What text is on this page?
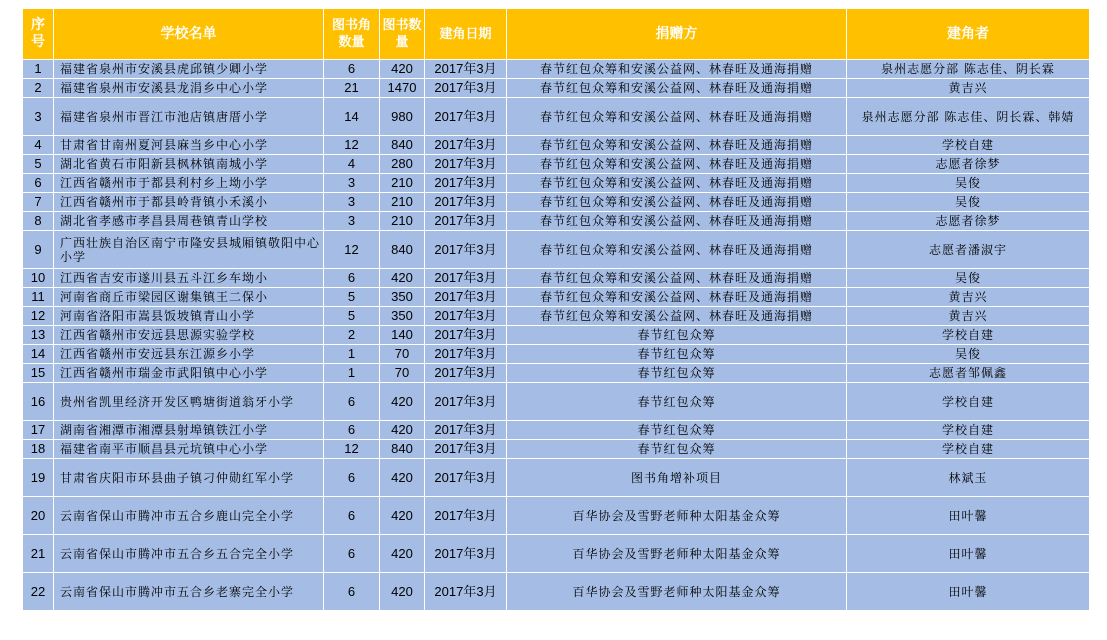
序号	学校名单	图书角数量	图书数量	建角日期	捐赠方	建角者
1	福建省泉州市安溪县虎邱镇少卿小学	6	420	2017年3月	春节红包众筹和安溪公益网、林春旺及通海捐赠	泉州志愿分部 陈志佳、阴长霖
2	福建省泉州市安溪县龙涓乡中心小学	21	1470	2017年3月	春节红包众筹和安溪公益网、林春旺及通海捐赠	黄吉兴
3	福建省泉州市晋江市池店镇唐厝小学	14	980	2017年3月	春节红包众筹和安溪公益网、林春旺及通海捐赠	泉州志愿分部 陈志佳、阴长霖、韩婧
4	甘肃省甘南州夏河县麻当乡中心小学	12	840	2017年3月	春节红包众筹和安溪公益网、林春旺及通海捐赠	学校自建
5	湖北省黄石市阳新县枫林镇南城小学	4	280	2017年3月	春节红包众筹和安溪公益网、林春旺及通海捐赠	志愿者徐梦
6	江西省赣州市于都县利村乡上坳小学	3	210	2017年3月	春节红包众筹和安溪公益网、林春旺及通海捐赠	吴俊
7	江西省赣州市于都县岭背镇小禾溪小	3	210	2017年3月	春节红包众筹和安溪公益网、林春旺及通海捐赠	吴俊
8	湖北省孝感市孝昌县周巷镇青山学校	3	210	2017年3月	春节红包众筹和安溪公益网、林春旺及通海捐赠	志愿者徐梦
9	广西壮族自治区南宁市隆安县城厢镇敬阳中心小学	12	840	2017年3月	春节红包众筹和安溪公益网、林春旺及通海捐赠	志愿者潘淑宇
10	江西省吉安市遂川县五斗江乡车坳小	6	420	2017年3月	春节红包众筹和安溪公益网、林春旺及通海捐赠	吴俊
11	河南省商丘市梁园区谢集镇王二保小	5	350	2017年3月	春节红包众筹和安溪公益网、林春旺及通海捐赠	黄吉兴
12	河南省洛阳市嵩县饭坡镇青山小学	5	350	2017年3月	春节红包众筹和安溪公益网、林春旺及通海捐赠	黄吉兴
13	江西省赣州市安远县思源实验学校	2	140	2017年3月	春节红包众筹	学校自建
14	江西省赣州市安远县东江源乡小学	1	70	2017年3月	春节红包众筹	吴俊
15	江西省赣州市瑞金市武阳镇中心小学	1	70	2017年3月	春节红包众筹	志愿者邹佩鑫
16	贵州省凯里经济开发区鸭塘街道翁牙小学	6	420	2017年3月	春节红包众筹	学校自建
17	湖南省湘潭市湘潭县射埠镇铁江小学	6	420	2017年3月	春节红包众筹	学校自建
18	福建省南平市顺昌县元坑镇中心小学	12	840	2017年3月	春节红包众筹	学校自建
19	甘肃省庆阳市环县曲子镇刁仲勋红军小学	6	420	2017年3月	图书角增补项目	林斌玉
20	云南省保山市腾冲市五合乡鹿山完全小学	6	420	2017年3月	百华协会及雪野老师种太阳基金众筹	田叶馨
21	云南省保山市腾冲市五合乡五合完全小学	6	420	2017年3月	百华协会及雪野老师种太阳基金众筹	田叶馨
22	云南省保山市腾冲市五合乡老寨完全小学	6	420	2017年3月	百华协会及雪野老师种太阳基金众筹	田叶馨
